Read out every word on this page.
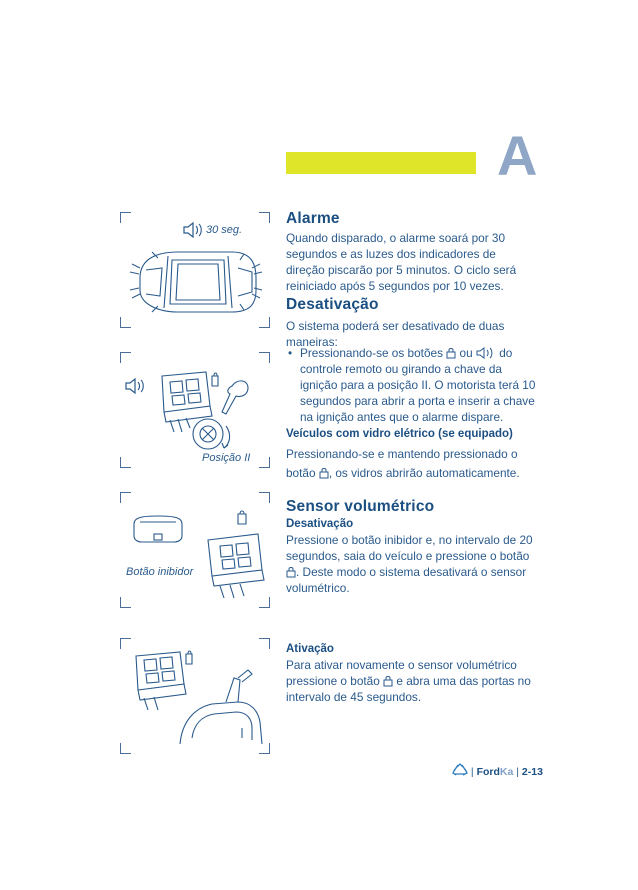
A
30 seg.
Posição II
Botão inibidor
Alarme
Quando disparado, o alarme soará por 30 segundos e as luzes dos indicadores de direção piscarão por 5 minutos. O ciclo será reiniciado após 5 segundos por 10 vezes.
Desativação
O sistema poderá ser desativado de duas maneiras:
• Pressionando-se os botões ou do controle remoto ou girando a chave da ignição para a posição II. O motorista terá 10 segundos para abrir a porta e inserir a chave na ignição antes que o alarme dispare.
Veículos com vidro elétrico (se equipado)
Pressionando-se e mantendo pressionado o
botão , os vidros abrirão automaticamente.
Sensor volumétrico
Desativação
Pressione o botão inibidor e, no intervalo de 20 segundos, saia do veículo e pressione o botão . Deste modo o sistema desativará o sensor volumétrico.
Ativação
Para ativar novamente o sensor volumétrico pressione o botão e abra uma das portas no intervalo de 45 segundos.
| FordKa | 2-13
